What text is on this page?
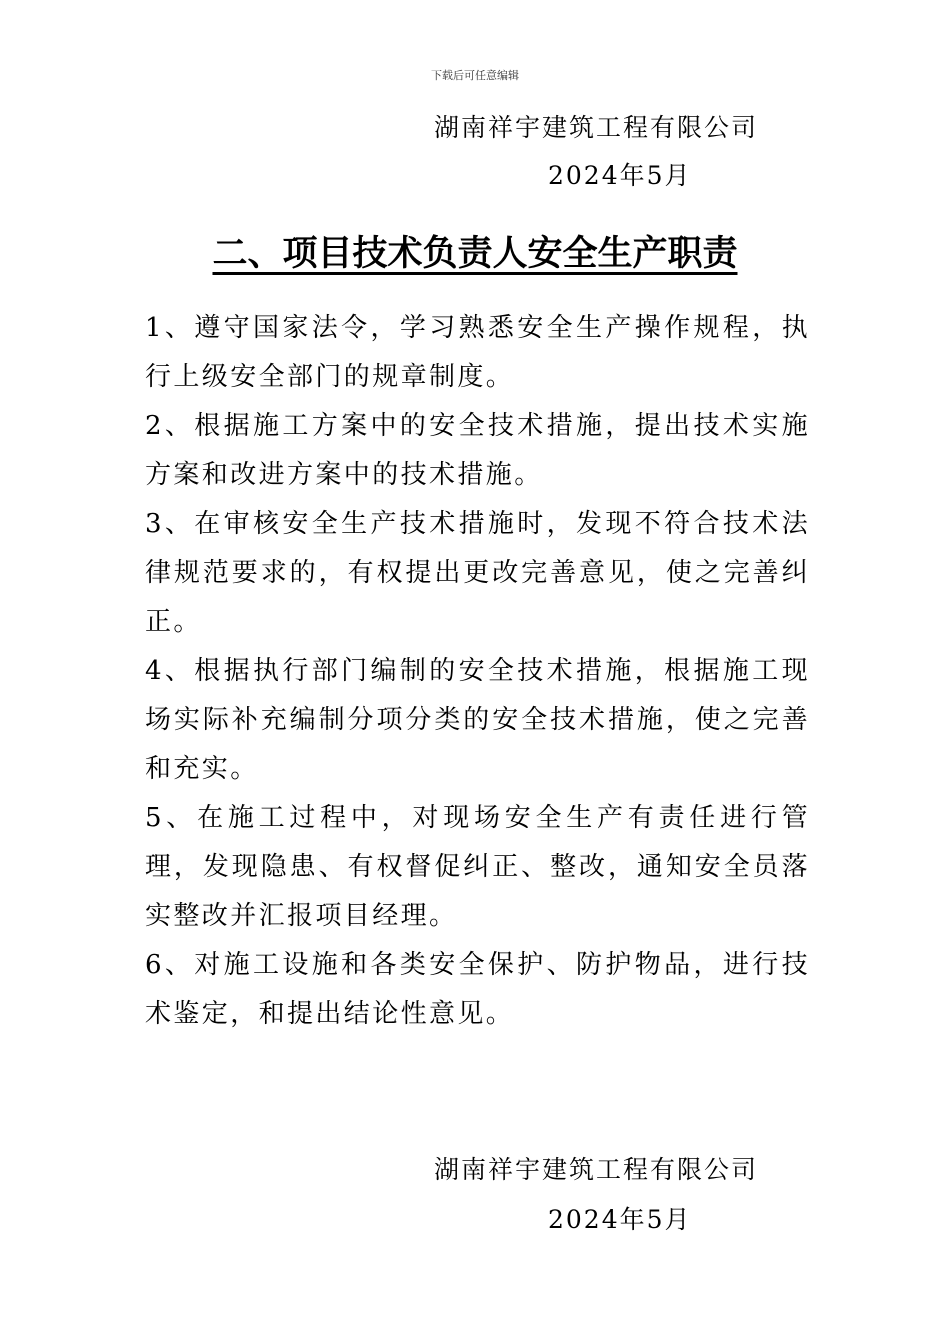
下载后可任意编辑
湖南祥宇建筑工程有限公司
2024年5月
二、项目技术负责人安全生产职责
1、遵守国家法令，学习熟悉安全生产操作规程，执行上级安全部门的规章制度。
2、根据施工方案中的安全技术措施，提出技术实施方案和改进方案中的技术措施。
3、在审核安全生产技术措施时，发现不符合技术法律规范要求的，有权提出更改完善意见，使之完善纠正。
4、根据执行部门编制的安全技术措施，根据施工现场实际补充编制分项分类的安全技术措施，使之完善和充实。
5、在施工过程中，对现场安全生产有责任进行管理，发现隐患、有权督促纠正、整改，通知安全员落实整改并汇报项目经理。
6、对施工设施和各类安全保护、防护物品，进行技术鉴定，和提出结论性意见。
湖南祥宇建筑工程有限公司
2024年5月
